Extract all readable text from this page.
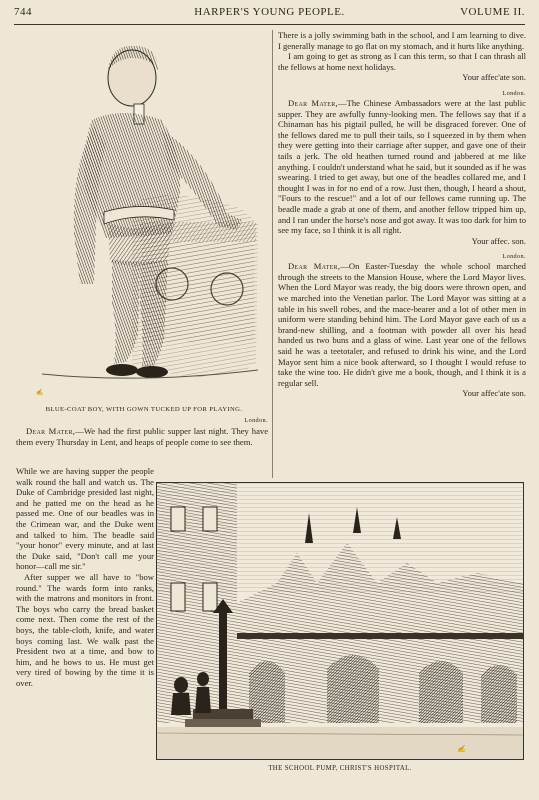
744	HARPER'S YOUNG PEOPLE.	VOLUME II.
✍
BLUE-COAT BOY, WITH GOWN TUCKED UP FOR PLAYING.

There is a jolly swimming bath in the school, and I am learning to dive. I generally manage to go flat on my stomach, and it hurts like anything.

I am going to get as strong as I can this term, so that I can thrash all the fellows at home next holidays.

Your affec'ate son.

London.

Dear Mater,—The Chinese Ambassadors were at the last public supper. They are awfully funny-looking men. The fellows say that if a Chinaman has his pigtail pulled, he will be disgraced forever. One of the fellows dared me to pull their tails, so I squeezed in by them when they were getting into their carriage after supper, and gave one of their tails a jerk. The old heathen turned round and jabbered at me like anything. I couldn't understand what he said, but it sounded as if he was swearing. I tried to get away, but one of the beadles collared me, and I thought I was in for no end of a row. Just then, though, I heard a shout, "Fours to the rescue!" and a lot of our fellows came running up. The beadle made a grab at one of them, and another fellow tripped him up, and I ran under the horse's nose and got away. It was too dark for him to see my face, so I think it is all right.

Your affec. son.

London.

Dear Mater,—On Easter-Tuesday the whole school marched through the streets to the Mansion House, where the Lord Mayor lives. When the Lord Mayor was ready, the big doors were thrown open, and we marched into the Venetian parlor. The Lord Mayor was sitting at a table in his swell robes, and the mace-bearer and a lot of other men in uniform were standing behind him. The Lord Mayor gave each of us a brand-new shilling, and a footman with powder all over his head handed us two buns and a glass of wine. Last year one of the fellows said he was a teetotaler, and refused to drink his wine, and the Lord Mayor sent him a nice book afterward, so I thought I would refuse to take the wine too. He didn't give me a book, though, and I think it is a regular sell.

Your affec'ate son.

London.

Dear Mater,—We had the first public supper last night. They have them every Thursday in Lent, and heaps of people come to see them.

While we are having supper the people walk round the hall and watch us. The Duke of Cambridge presided last night, and he patted me on the head as he passed me. One of our beadles was in the Crimean war, and the Duke went and talked to him. The beadle said "your honor" every minute, and at last the Duke said, "Don't call me your honor—call me sir."

After supper we all have to "bow round." The wards form into ranks, with the matrons and monitors in front. The boys who carry the bread basket come next. Then come the rest of the boys, the table-cloth, knife, and water boys coming last. We walk past the President two at a time, and bow to him, and he bows to us. He must get very tired of bowing by the time it is over.

✍
THE SCHOOL PUMP, CHRIST'S HOSPITAL.
